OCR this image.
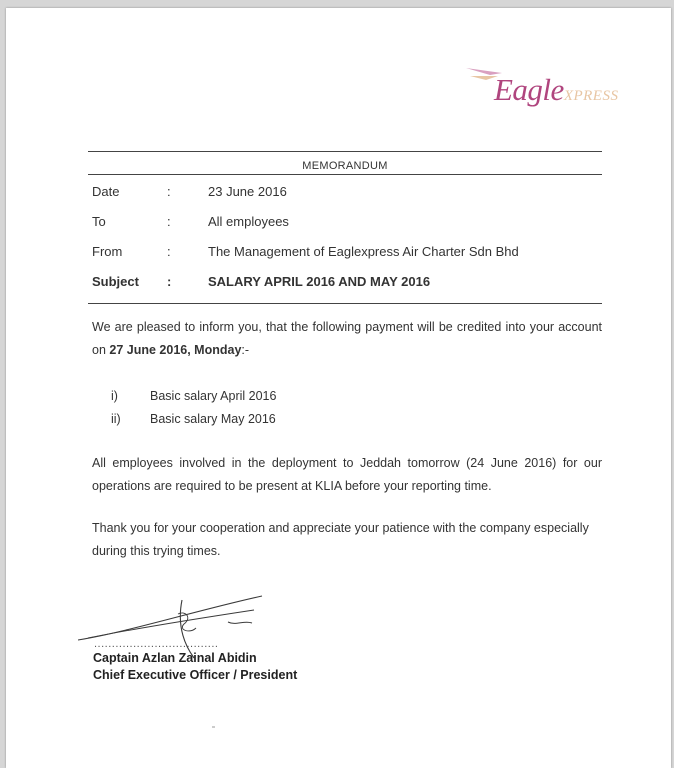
EagleXPRESS
MEMORANDUM
Date	:	23 June 2016
To	:	All employees
From	:	The Management of Eaglexpress Air Charter Sdn Bhd
Subject :	SALARY APRIL 2016 AND MAY 2016
We are pleased to inform you, that the following payment will be credited into your account on 27 June 2016, Monday:-
i)	Basic salary April 2016
ii) Basic salary May 2016
All employees involved in the deployment to Jeddah tomorrow (24 June 2016) for our operations are required to be present at KLIA before your reporting time.
Thank you for your cooperation and appreciate your patience with the company especially during this trying times.
...................................
Captain Azlan Zainal Abidin
Chief Executive Officer / President
